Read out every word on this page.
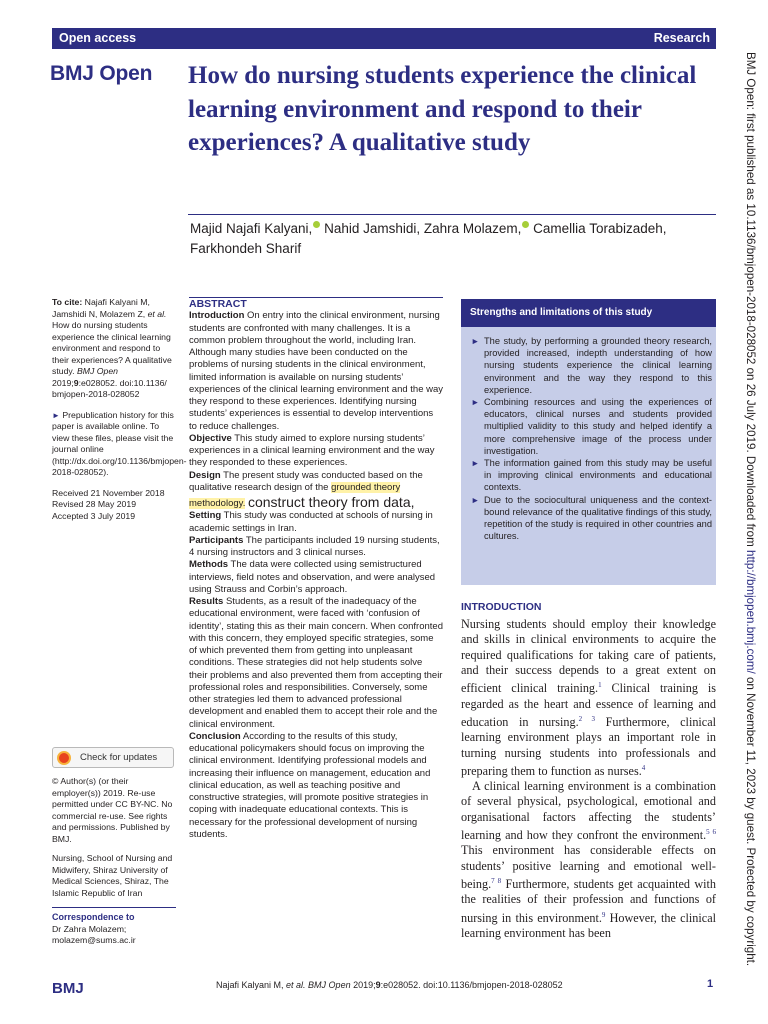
Open access	Research
BMJ Open How do nursing students experience the clinical learning environment and respond to their experiences? A qualitative study
Majid Najafi Kalyani, Nahid Jamshidi, Zahra Molazem, Camellia Torabizadeh,
Farkhondeh Sharif

To cite: Najafi Kalyani M, Jamshidi N, Molazem Z, et al. How do nursing students experience the clinical learning environment and respond to their experiences? A qualitative study. BMJ Open 2019;9:e028052. doi:10.1136/ bmjopen-2018-028052

► Prepublication history for this paper is available online. To view these files, please visit the journal online (http://dx.doi.org/10.1136/bmjopen-2018-028052).

Received 21 November 2018
Revised 28 May 2019
Accepted 3 July 2019

Check for updates

© Author(s) (or their employer(s)) 2019. Re-use permitted under CC BY-NC. No commercial re-use. See rights and permissions. Published by BMJ.

Nursing, School of Nursing and Midwifery, Shiraz University of Medical Sciences, Shiraz, The Islamic Republic of Iran

Correspondence to
Dr Zahra Molazem;
molazem@sums.ac.ir

ABSTRACT
Introduction On entry into the clinical environment, nursing students are confronted with many challenges. It is a common problem throughout the world, including Iran. Although many studies have been conducted on the problems of nursing students in the clinical environment, limited information is available on nursing students’ experiences of the clinical learning environment and the way they respond to these experiences. Identifying nursing students’ experiences is essential to develop interventions to reduce challenges.
Objective This study aimed to explore nursing students’ experiences in a clinical learning environment and the way they responded to these experiences.
Design The present study was conducted based on the qualitative research design of the grounded theory methodology. construct theory from data,
Setting This study was conducted at schools of nursing in academic settings in Iran.
Participants The participants included 19 nursing students, 4 nursing instructors and 3 clinical nurses.
Methods The data were collected using semistructured interviews, field notes and observation, and were analysed using Strauss and Corbin’s approach.
Results Students, as a result of the inadequacy of the educational environment, were faced with ‘confusion of identity’, stating this as their main concern. When confronted with this concern, they employed specific strategies, some of which prevented them from getting into unpleasant conditions. These strategies did not help students solve their problems and also prevented them from accepting their professional roles and responsibilities. Conversely, some other strategies led them to advanced professional development and enabled them to accept their role and the clinical environment.
Conclusion According to the results of this study, educational policymakers should focus on improving the clinical environment. Identifying professional models and increasing their influence on management, education and clinical education, as well as teaching positive and constructive strategies, will promote positive strategies in coping with inadequate educational contexts. This is necessary for the professional development of nursing students.
Strengths and limitations of this study
► The study, by performing a grounded theory research, provided increased, indepth understanding of how nursing students experience the clinical learning environment and the way they respond to this experience.
► Combining resources and using the experiences of educators, clinical nurses and students provided multiplied validity to this study and helped identify a more comprehensive image of the process under investigation.
► The information gained from this study may be useful in improving clinical environments and educational contexts.
► Due to the sociocultural uniqueness and the context-bound relevance of the qualitative findings of this study, repetition of the study is required in other countries and cultures.
INTRODUCTION

Nursing students should employ their knowledge and skills in clinical environments to acquire the required qualifications for taking care of patients, and their success depends to a great extent on efficient clinical training.$^1$ Clinical training is regarded as the heart and essence of learning and education in nursing.$^{2 3}$ Furthermore, clinical learning environment plays an important role in turning nursing students into professionals and preparing them to function as nurses.$^4$

A clinical learning environment is a combination of several physical, psychological, emotional and organisational factors affecting the students’ learning and how they confront the environment.$^{5 6}$ This environment has considerable effects on students’ positive learning and emotional well-being.$^{7 8}$ Furthermore, students get acquainted with the realities of their profession and functions of nursing in this environment.$^9$ However, the clinical learning environment has been

BMJ Open: first published as 10.1136/bmjopen-2018-028052 on 26 July 2019. Downloaded from http://bmjopen.bmj.com/ on November 11, 2023 by guest. Protected by copyright.
BMJ	Najafi Kalyani M, et al. BMJ Open 2019;9:e028052. doi:10.1136/bmjopen-2018-028052	1
